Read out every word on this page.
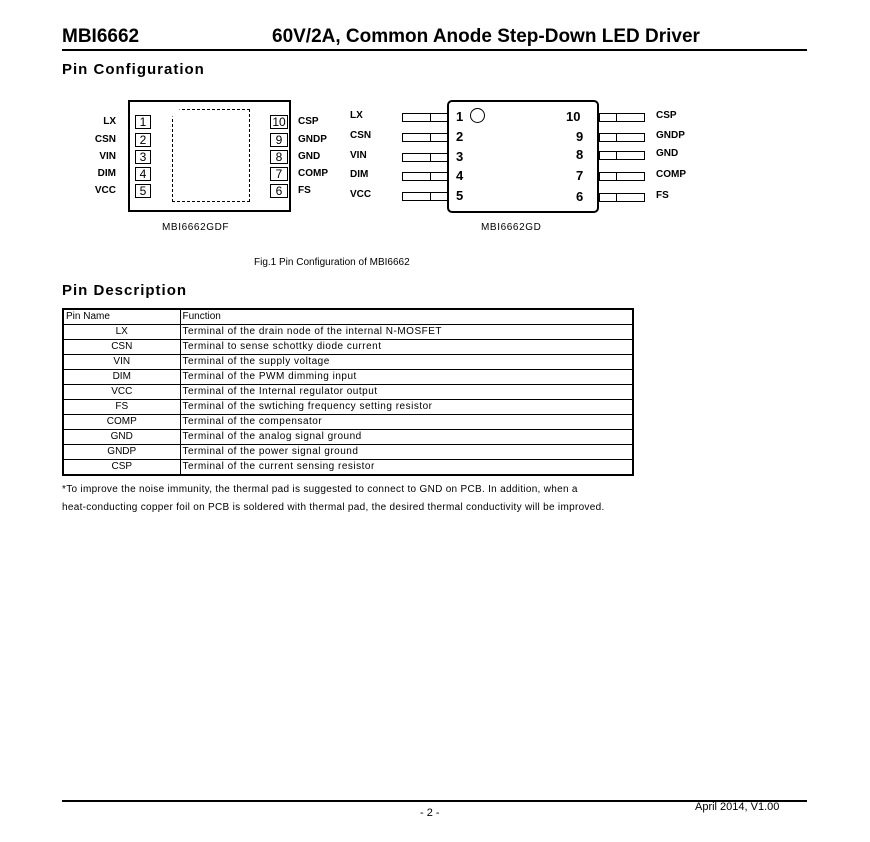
MBI6662	60V/2A, Common Anode Step-Down LED Driver
Pin Configuration
1
LX
2
CSN
3
VIN
4
DIM
5
VCC
10 CSP
9	GNDP
8	GND
7	COMP
6	FS
MBI6662GDF
LX	1
CSN	2
VIN	3
DIM	4
VCC	5
CSP
10
GNDP
9
GND
8
COMP
7
FS
6
MBI6662GD
Fig.1 Pin Configuration of MBI6662
Pin Description
Pin Name	Function
LX	Terminal of the drain node of the internal N-MOSFET
CSN	Terminal to sense schottky diode current
VIN	Terminal of the supply voltage
DIM	Terminal of the PWM dimming input
VCC	Terminal of the Internal regulator output
FS	Terminal of the swtiching frequency setting resistor
COMP	Terminal of the compensator
GND	Terminal of the analog signal ground
GNDP	Terminal of the power signal ground
CSP	Terminal of the current sensing resistor
*To improve the noise immunity, the thermal pad is suggested to connect to GND on PCB. In addition, when a
heat-conducting copper foil on PCB is soldered with thermal pad, the desired thermal conductivity will be improved.
- 2 -	April 2014, V1.00
